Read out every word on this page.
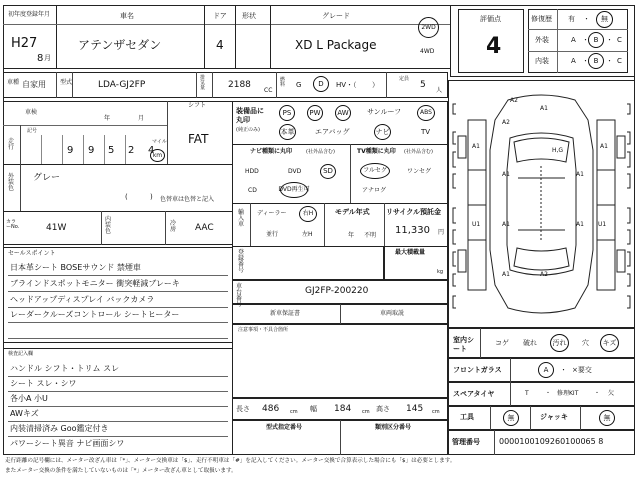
初年度登録年月
H27
8 月
車名
アテンザセダン
ドア
4
形状	グレード
XD L Package
2WD
4WD
評価点
4
修復歴 有 ・	無
外装	A ・ B	・ C
内装	A ・ B	・ C
車種 自家用 型式	LDA-GJ2FP
排気量	2188
CC
燃料	G	D	HV・（ ）
定員
5
人
車検
年	月
走行
記号
9 9 5 2 4
マイル
km
シフト
FAT
装備品に丸印
(純正のみ)
PS	PW	AW	サンルーフ	ABS
本革	エアバッグ	ナビ	TV
ナビ種類に丸印	(社外品含む)
HDD	DVD	SD
CD	DVD再生可
TV種類に丸印 (社外品含む)
フルセグ	ワンセグ
アナログ
外装色
グレー
(	) 色替車は色替と記入
輸入車
ディーラー
並行
右H
左H
モデル年式
年 不明
リサイクル預託金
11,330 円
最大積載量
kg
カラーNo.	41W
内装色
冷房 AAC
セールスポイント
日本革シート BOSEサウンド 禁煙車
ブラインドスポットモニター 衝突軽減ブレーキ
ヘッドアップディスプレイ バックカメラ
レーダークルーズコントロール シートヒーター
登録番号
車台番号
GJ2FP-200220
新車保証書	車両取説
注意事項・不具合箇所
検査記入欄
ハンドル シフト・トリム スレ
シート スレ・シワ
各小A 小U
AWキズ
内装清掃済み Goo鑑定付き
パワーシート異音 ナビ画面シワ
長さ 486 cm 幅 184 cm 高さ 145 cm
型式指定番号	類別区分番号
A2
A1
A2
A1
A1
U1	A1
A1
U1
A1
A1
A2
A1
H,G
室内シート
コゲ 破れ	汚れ	穴	キズ
フロントガラス	A	・ ×要交
スペアタイヤ	T	・ 修理KIT	・ 欠
工具	無	ジャッキ	無
管理番号 0000100109260100065 8
走行距離の記号欄には、メーター改ざん車は「*」、メーター交換車は「$」、走行不明車は「#」を記入してください。メーター交換で合算表示した場合にも「$」は必要とします。
またメーター交換の条件を満たしていないものは「*」メーター改ざん車として取扱います。
